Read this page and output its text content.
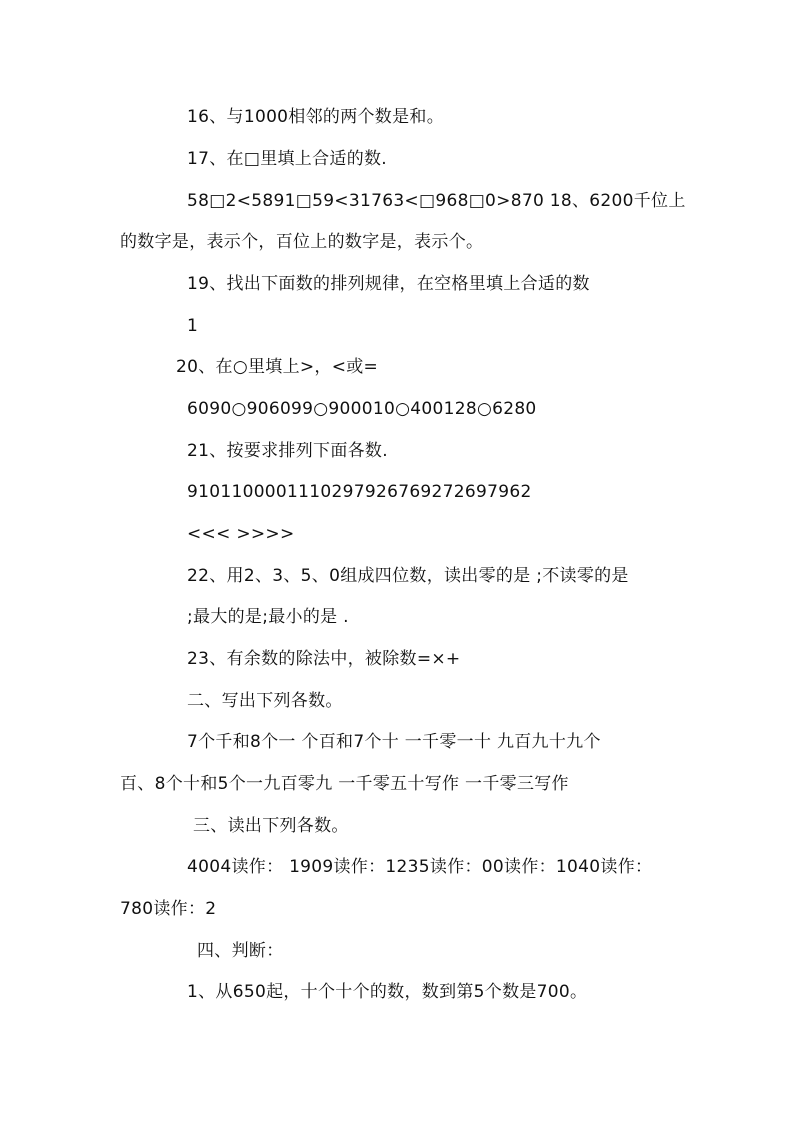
16、与1000相邻的两个数是和。
17、在□里填上合适的数.
58□2<5891□59<31763<□968□0>870 18、6200千位上
的数字是，表示个，百位上的数字是，表示个。
19、找出下面数的排列规律，在空格里填上合适的数
1
20、在○里填上>，<或=
6090○906099○900010○400128○6280
21、按要求排列下面各数.
9101100001110297926769272697962
<<< >>>>
22、用2、3、5、0组成四位数，读出零的是 ;不读零的是
;最大的是;最小的是 .
23、有余数的除法中，被除数=×+
二、写出下列各数。
7个千和8个一 个百和7个十 一千零一十 九百九十九个
百、8个十和5个一九百零九 一千零五十写作 一千零三写作
三、读出下列各数。
4004读作： 1909读作：1235读作：00读作：1040读作：
780读作：2
四、判断：
1、从650起，十个十个的数，数到第5个数是700。
